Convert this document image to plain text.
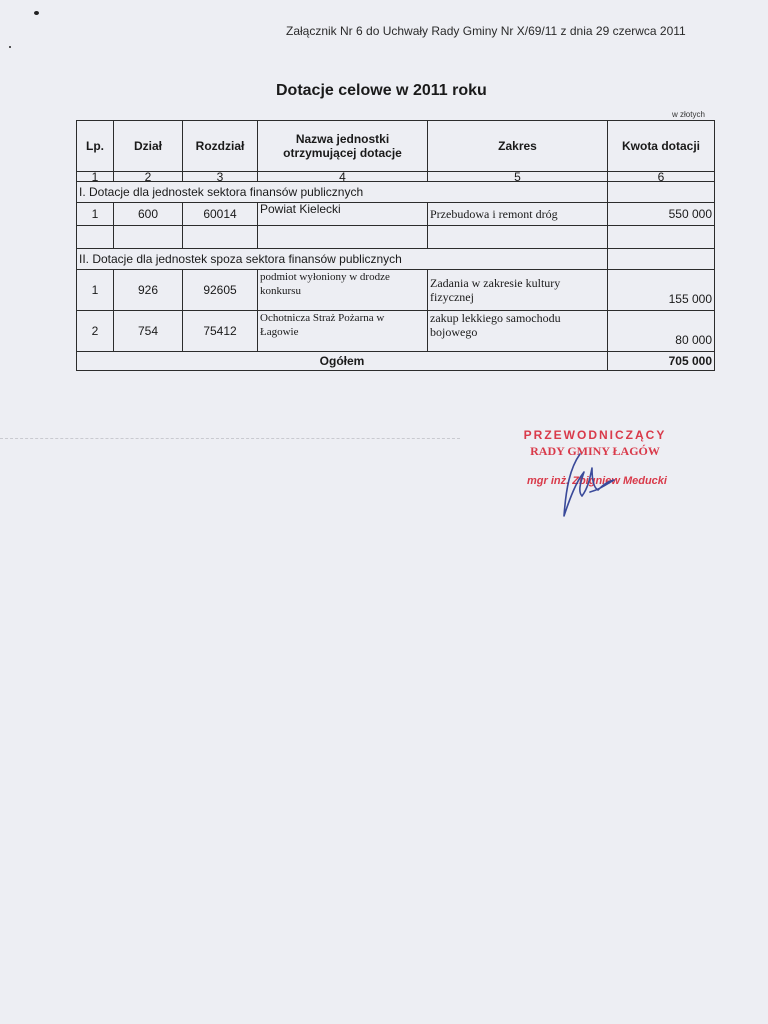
Załącznik Nr 6 do Uchwały Rady Gminy Nr X/69/11 z dnia 29 czerwca 2011
Dotacje celowe w 2011 roku
w złotych
Lp.	Dział	Rozdział	Nazwa jednostki otrzymującej dotacje	Zakres	Kwota dotacji
1	2	3	4	5	6
I. Dotacje dla jednostek sektora finansów publicznych					
1	600	60014	Powiat Kielecki	Przebudowa i remont dróg	550 000

II. Dotacje dla jednostek spoza sektora finansów publicznych					
1	926	92605	podmiot wyłoniony w drodze konkursu	Zadania w zakresie kultury fizycznej	155 000
2	754	75412	Ochotnicza Straż Pożarna w Łagowie	zakup lekkiego samochodu bojowego	80 000
Ogółem					705 000
PRZEWODNICZĄCY
RADY GMINY ŁAGÓW
mgr inż. Zbigniew Meducki
